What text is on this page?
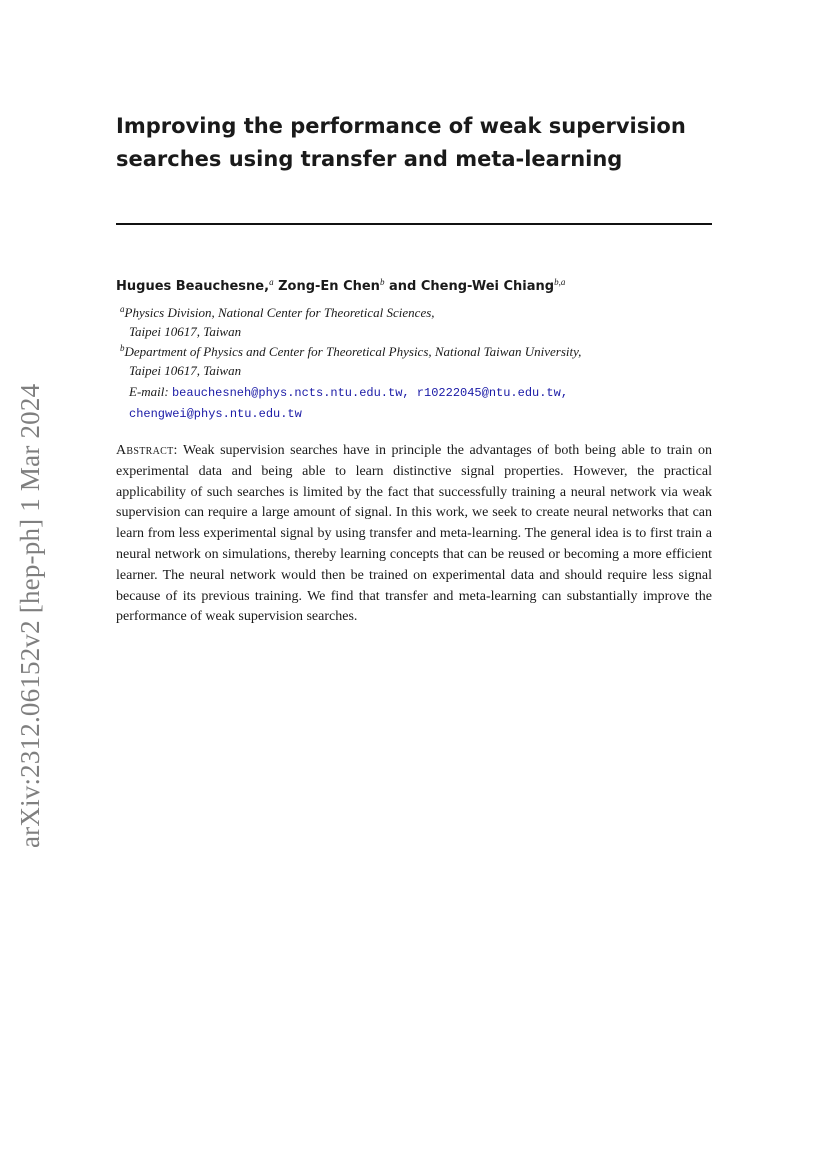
arXiv:2312.06152v2 [hep-ph] 1 Mar 2024
Improving the performance of weak supervision
searches using transfer and meta-learning
Hugues Beauchesne,$^a$ Zong-En Chen$^b$ and Cheng-Wei Chiang$^{b,a}$
$^a$Physics Division, National Center for Theoretical Sciences,
Taipei 10617, Taiwan
$^b$Department of Physics and Center for Theoretical Physics, National Taiwan University,
Taipei 10617, Taiwan
E-mail: beauchesneh@phys.ncts.ntu.edu.tw, r10222045@ntu.edu.tw,
chengwei@phys.ntu.edu.tw

Abstract: Weak supervision searches have in principle the advantages of both being able to train on experimental data and being able to learn distinctive signal properties. However, the practical applicability of such searches is limited by the fact that successfully training a neural network via weak supervision can require a large amount of signal. In this work, we seek to create neural networks that can learn from less experimental signal by using transfer and meta-learning. The general idea is to first train a neural network on simulations, thereby learning concepts that can be reused or becoming a more efficient learner. The neural network would then be trained on experimental data and should require less signal because of its previous training. We find that transfer and meta-learning can substantially improve the performance of weak supervision searches.
